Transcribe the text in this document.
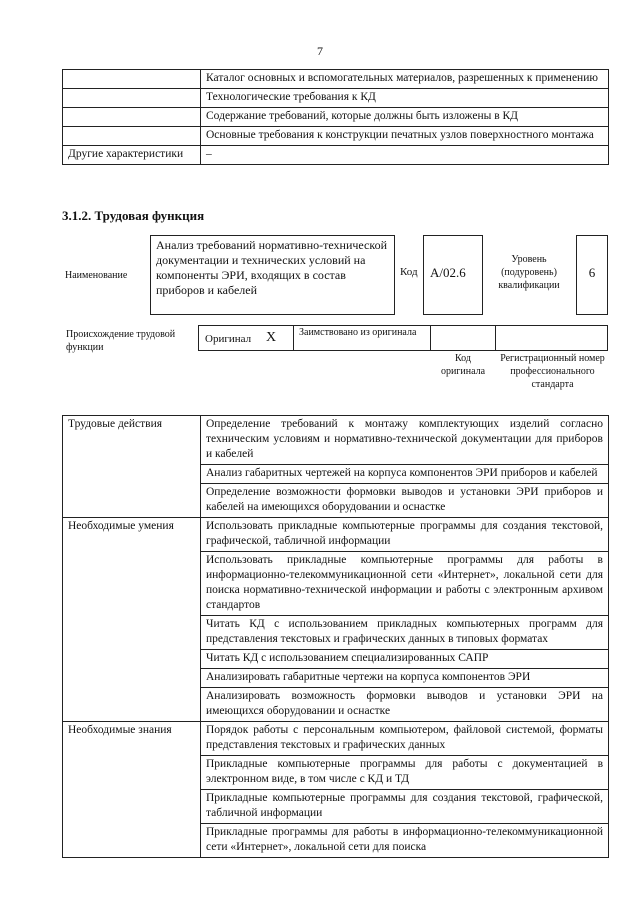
7
	Каталог основных и вспомогательных материалов, разрешенных к применению
	Технологические требования к КД
	Содержание требований, которые должны быть изложены в КД
	Основные требования к конструкции печатных узлов поверхностного монтажа
Другие характеристики	–
3.1.2. Трудовая функция
Наименование
Анализ требований нормативно-технической документации и технических условий на компоненты ЭРИ, входящих в состав приборов и кабелей
Код А/02.6
Уровень (подуровень) квалификации
6
Происхождение трудовой функции
Оригинал X Заимствовано из оригинала
Код оригинала
Регистрационный номер профессионального стандарта
Трудовые действия	Определение требований к монтажу комплектующих изделий согласно техническим условиям и нормативно-технической документации для приборов и кабелей
	Анализ габаритных чертежей на корпуса компонентов ЭРИ приборов и кабелей
	Определение возможности формовки выводов и установки ЭРИ приборов и кабелей на имеющихся оборудовании и оснастке
Необходимые умения	Использовать прикладные компьютерные программы для создания текстовой, графической, табличной информации
	Использовать прикладные компьютерные программы для работы в информационно-телекоммуникационной сети «Интернет», локальной сети для поиска нормативно-технической информации и работы с электронным архивом стандартов
	Читать КД с использованием прикладных компьютерных программ для представления текстовых и графических данных в типовых форматах
	Читать КД с использованием специализированных САПР
	Анализировать габаритные чертежи на корпуса компонентов ЭРИ
	Анализировать возможность формовки выводов и установки ЭРИ на имеющихся оборудовании и оснастке
Необходимые знания	Порядок работы с персональным компьютером, файловой системой, форматы представления текстовых и графических данных
	Прикладные компьютерные программы для работы с документацией в электронном виде, в том числе с КД и ТД
	Прикладные компьютерные программы для создания текстовой, графической, табличной информации
	Прикладные программы для работы в информационно-телекоммуникационной сети «Интернет», локальной сети для поиска
